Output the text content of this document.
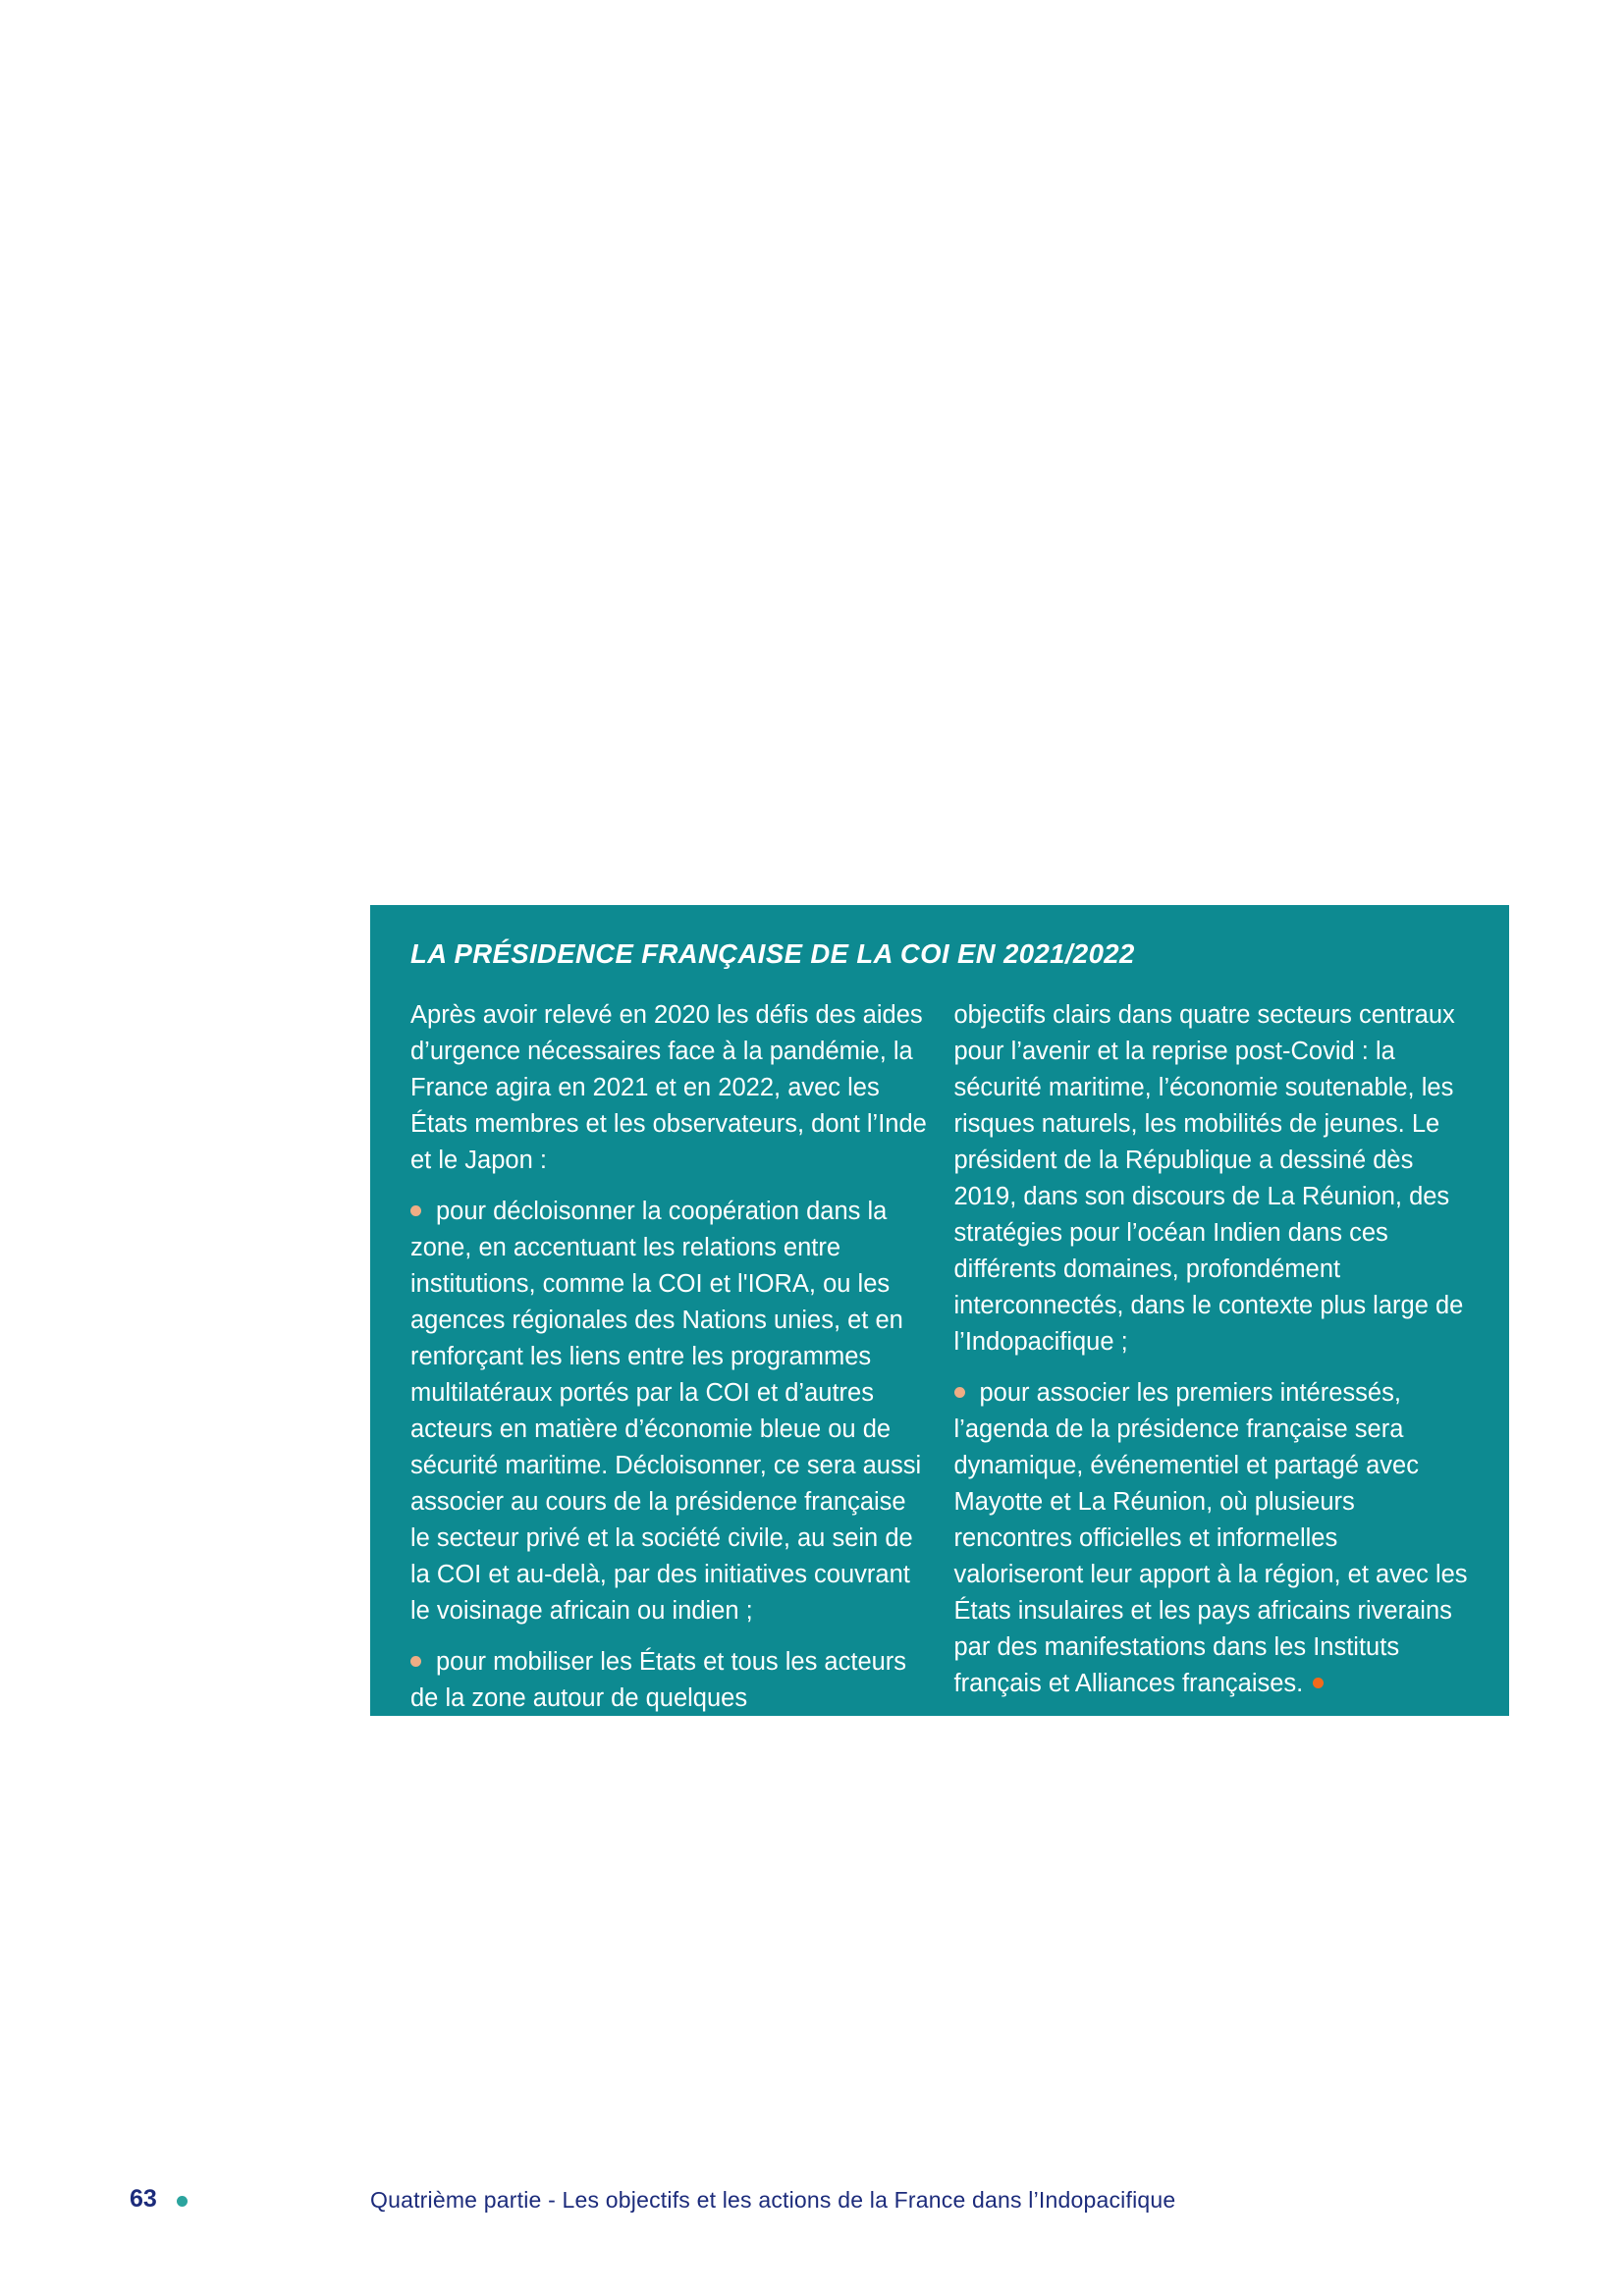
LA PRÉSIDENCE FRANÇAISE DE LA COI EN 2021/2022

Après avoir relevé en 2020 les défis des aides d’urgence nécessaires face à la pandémie, la France agira en 2021 et en 2022, avec les États membres et les observateurs, dont l’Inde et le Japon :

pour décloisonner la coopération dans la zone, en accentuant les relations entre institutions, comme la COI et l'IORA, ou les agences régionales des Nations unies, et en renforçant les liens entre les programmes multilatéraux portés par la COI et d’autres acteurs en matière d’économie bleue ou de sécurité maritime. Décloisonner, ce sera aussi associer au cours de la présidence française le secteur privé et la société civile, au sein de la COI et au-delà, par des initiatives couvrant le voisinage africain ou indien ;

pour mobiliser les États et tous les acteurs de la zone autour de quelques

objectifs clairs dans quatre secteurs centraux pour l’avenir et la reprise post-Covid : la sécurité maritime, l’économie soutenable, les risques naturels, les mobilités de jeunes. Le président de la République a dessiné dès 2019, dans son discours de La Réunion, des stratégies pour l’océan Indien dans ces différents domaines, profondément interconnectés, dans le contexte plus large de l’Indopacifique ;

pour associer les premiers intéressés, l’agenda de la présidence française sera dynamique, événementiel et partagé avec Mayotte et La Réunion, où plusieurs rencontres officielles et informelles valoriseront leur apport à la région, et avec les États insulaires et les pays africains riverains par des manifestations dans les Instituts français et Alliances françaises.

63	Quatrième partie - Les objectifs et les actions de la France dans l’Indopacifique
